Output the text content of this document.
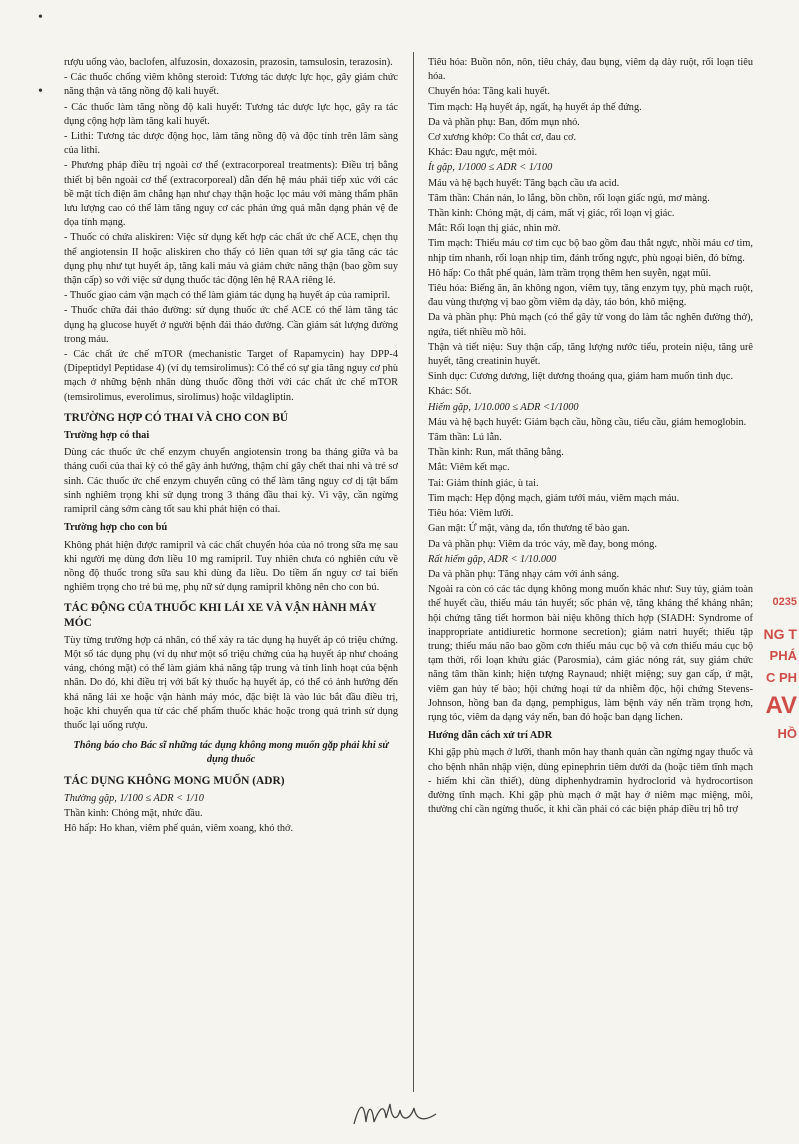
rượu uống vào, baclofen, alfuzosin, doxazosin, prazosin, tamsulosin, terazosin).

- Các thuốc chống viêm không steroid: Tương tác dược lực học, gây giảm chức năng thận và tăng nồng độ kali huyết.

- Các thuốc làm tăng nồng độ kali huyết: Tương tác dược lực học, gây ra tác dụng cộng hợp làm tăng kali huyết.

- Lithi: Tương tác dược động học, làm tăng nồng độ và độc tính trên lâm sàng của lithi.

- Phương pháp điều trị ngoài cơ thể (extracorporeal treatments): Điều trị bằng thiết bị bên ngoài cơ thể (extracorporeal) dẫn đến hệ máu phải tiếp xúc với các bề mặt tích điện âm chẳng hạn như chạy thận hoặc lọc máu với màng thẩm phân lưu lượng cao có thể làm tăng nguy cơ các phản ứng quá mẫn dạng phản vệ đe dọa tính mạng.

- Thuốc có chứa aliskiren: Việc sử dụng kết hợp các chất ức chế ACE, chẹn thụ thể angiotensin II hoặc aliskiren cho thấy có liên quan tới sự gia tăng các tác dụng phụ như tụt huyết áp, tăng kali máu và giảm chức năng thận (bao gồm suy thận cấp) so với việc sử dụng thuốc tác động lên hệ RAA riêng lẻ.

- Thuốc giao cảm vận mạch có thể làm giảm tác dụng hạ huyết áp của ramipril.

- Thuốc chữa đái tháo đường: sử dụng thuốc ức chế ACE có thể làm tăng tác dụng hạ glucose huyết ở người bệnh đái tháo đường. Cần giám sát lượng đường trong máu.

- Các chất ức chế mTOR (mechanistic Target of Rapamycin) hay DPP-4 (Dipeptidyl Peptidase 4) (ví dụ temsirolimus): Có thể có sự gia tăng nguy cơ phù mạch ở những bệnh nhân dùng thuốc đồng thời với các chất ức chế mTOR (temsirolimus, everolimus, sirolimus) hoặc vildagliptin.

TRƯỜNG HỢP CÓ THAI VÀ CHO CON BÚ

Trường hợp có thai

Dùng các thuốc ức chế enzym chuyển angiotensin trong ba tháng giữa và ba tháng cuối của thai kỳ có thể gây ảnh hưởng, thậm chí gây chết thai nhi và trẻ sơ sinh. Các thuốc ức chế enzym chuyển cũng có thể làm tăng nguy cơ dị tật bẩm sinh nghiêm trọng khi sử dụng trong 3 tháng đầu thai kỳ. Vì vậy, cần ngừng ramipril càng sớm càng tốt sau khi phát hiện có thai.

Trường hợp cho con bú

Không phát hiện được ramipril và các chất chuyển hóa của nó trong sữa mẹ sau khi người mẹ dùng đơn liều 10 mg ramipril. Tuy nhiên chưa có nghiên cứu về nồng độ thuốc trong sữa sau khi dùng đa liều. Do tiềm ẩn nguy cơ tai biến nghiêm trọng cho trẻ bú mẹ, phụ nữ sử dụng ramipril không nên cho con bú.

TÁC ĐỘNG CỦA THUỐC KHI LÁI XE VÀ VẬN HÀNH MÁY MÓC

Tùy từng trường hợp cá nhân, có thể xảy ra tác dụng hạ huyết áp có triệu chứng. Một số tác dụng phụ (ví dụ như một số triệu chứng của hạ huyết áp như choáng váng, chóng mặt) có thể làm giảm khả năng tập trung và tỉnh linh hoạt của bệnh nhân. Do đó, khi điều trị với bất kỳ thuốc hạ huyết áp, có thể có ảnh hưởng đến khả năng lái xe hoặc vận hành máy móc, đặc biệt là vào lúc bắt đầu điều trị, hoặc khi chuyển qua từ các chế phẩm thuốc khác hoặc trong quá trình sử dụng thuốc lại uống rượu.

Thông báo cho Bác sĩ những tác dụng không mong muốn gặp phải khi sử dụng thuốc

TÁC DỤNG KHÔNG MONG MUỐN (ADR)

Thường gặp, 1/100 ≤ ADR < 1/10

Thần kinh: Chóng mặt, nhức đầu.

Hô hấp: Ho khan, viêm phế quản, viêm xoang, khó thở.

Tiêu hóa: Buồn nôn, nôn, tiêu chảy, đau bụng, viêm dạ dày ruột, rối loạn tiêu hóa.

Chuyển hóa: Tăng kali huyết.

Tim mạch: Hạ huyết áp, ngất, hạ huyết áp thế đứng.

Da và phần phụ: Ban, đốm mụn nhỏ.

Cơ xương khớp: Co thắt cơ, đau cơ.

Khác: Đau ngực, mệt mỏi.

Ít gặp, 1/1000 ≤ ADR < 1/100

Máu và hệ bạch huyết: Tăng bạch cầu ưa acid.

Tâm thần: Chán nản, lo lắng, bồn chồn, rối loạn giấc ngủ, mơ màng.

Thần kinh: Chóng mặt, dị cảm, mất vị giác, rối loạn vị giác.

Mắt: Rối loạn thị giác, nhìn mờ.

Tim mạch: Thiếu máu cơ tim cục bộ bao gồm đau thắt ngực, nhồi máu cơ tim, nhịp tim nhanh, rối loạn nhịp tim, đánh trống ngực, phù ngoại biên, đỏ bừng.

Hô hấp: Co thắt phế quản, làm trầm trọng thêm hen suyễn, ngạt mũi.

Tiêu hóa: Biếng ăn, ăn không ngon, viêm tụy, tăng enzym tụy, phù mạch ruột, đau vùng thượng vị bao gồm viêm dạ dày, táo bón, khô miệng.

Da và phần phụ: Phù mạch (có thể gây tử vong do làm tắc nghẽn đường thở), ngứa, tiết nhiều mồ hôi.

Thận và tiết niệu: Suy thận cấp, tăng lượng nước tiểu, protein niệu, tăng urê huyết, tăng creatinin huyết.

Sinh dục: Cương dương, liệt dương thoáng qua, giảm ham muốn tình dục.

Khác: Sốt.

Hiếm gặp, 1/10.000 ≤ ADR <1/1000

Máu và hệ bạch huyết: Giảm bạch cầu, hồng cầu, tiểu cầu, giảm hemoglobin.

Tâm thần: Lú lẫn.

Thần kinh: Run, mất thăng bằng.

Mắt: Viêm kết mạc.

Tai: Giảm thính giác, ù tai.

Tim mạch: Hẹp động mạch, giảm tưới máu, viêm mạch máu.

Tiêu hóa: Viêm lưỡi.

Gan mật: Ứ mật, vàng da, tổn thương tế bào gan.

Da và phần phụ: Viêm da tróc vảy, mề đay, bong móng.

Rất hiếm gặp, ADR < 1/10.000

Da và phần phụ: Tăng nhạy cảm với ánh sáng.

Ngoài ra còn có các tác dụng không mong muốn khác như: Suy tủy, giảm toàn thể huyết cầu, thiếu máu tán huyết; sốc phản vệ, tăng kháng thể kháng nhân; hội chứng tăng tiết hormon bài niệu không thích hợp (SIADH: Syndrome of inappropriate antidiuretic hormone secretion); giảm natri huyết; thiếu tập trung; thiếu máu não bao gồm cơn thiếu máu cục bộ và cơn thiếu máu cục bộ tạm thời, rối loạn khứu giác (Parosmia), cảm giác nóng rát, suy giảm chức năng tâm thần kinh; hiện tượng Raynaud; nhiệt miệng; suy gan cấp, ứ mật, viêm gan hủy tế bào; hội chứng hoại tử da nhiễm độc, hội chứng Stevens-Johnson, hồng ban đa dạng, pemphigus, làm bệnh vảy nến trầm trọng hơn, rụng tóc, viêm da dạng vảy nến, ban đỏ hoặc ban dạng lichen.

Hướng dẫn cách xử trí ADR

Khi gặp phù mạch ở lưỡi, thanh môn hay thanh quản cần ngừng ngay thuốc và cho bệnh nhân nhập viện, dùng epinephrin tiêm dưới da (hoặc tiêm tĩnh mạch - hiếm khi cần thiết), dùng diphenhydramin hydroclorid và hydrocortison đường tĩnh mạch. Khi gặp phù mạch ở mặt hay ở niêm mạc miệng, môi, thường chỉ cần ngừng thuốc, ít khi cần phải có các biện pháp điều trị hỗ trợ

0235
NG T
PHÁ
C PH
AV
HỒ
•
•
